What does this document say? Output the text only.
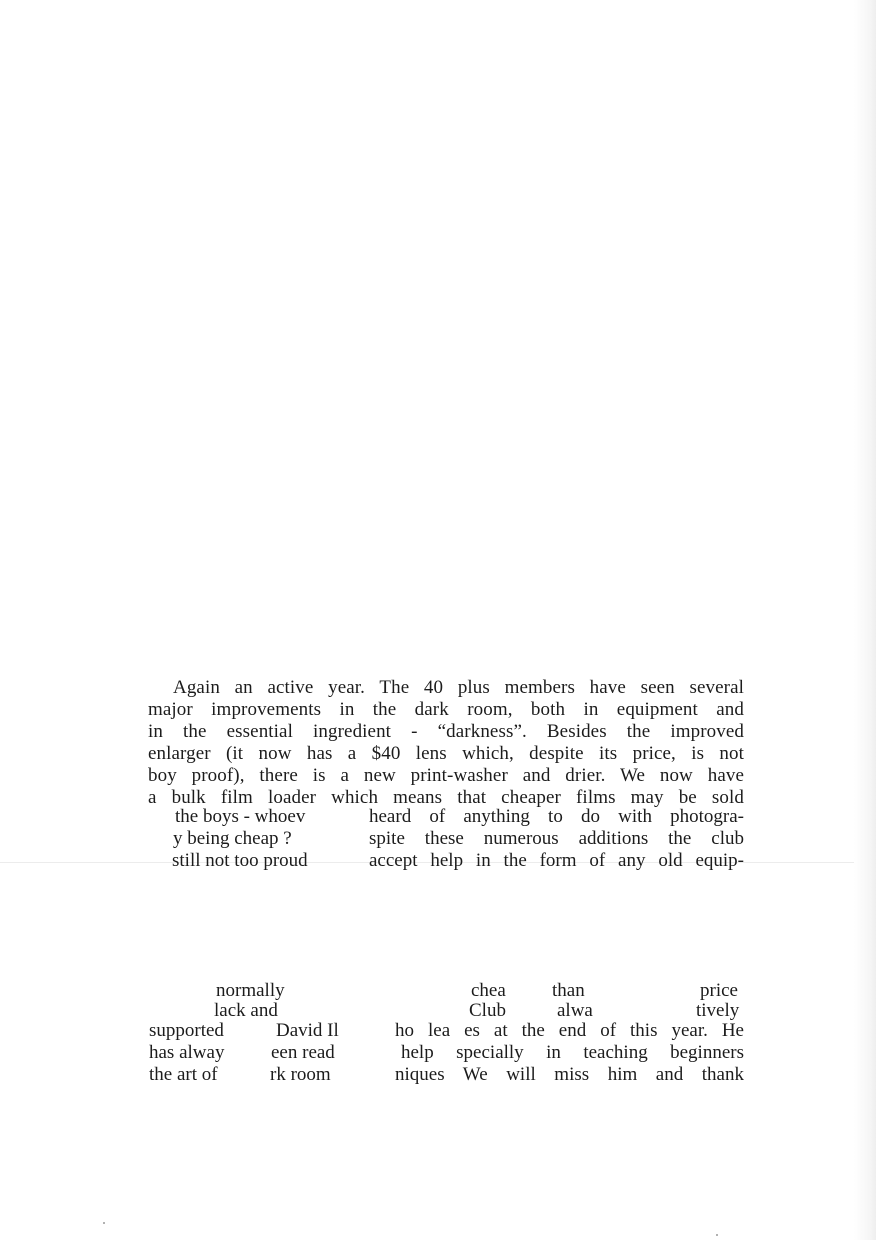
Again an active year. The 40 plus members have seen several
major improvements in the dark room, both in equipment and
in the essential ingredient - “darkness”. Besides the improved
enlarger (it now has a $40 lens which, despite its price, is not
boy proof), there is a new print-washer and drier. We now have
a bulk film loader which means that cheaper films may be sold
the boys - whoev	heard of anything to do with photogra-
y being cheap ?	spite these numerous additions the club
still not too proud	accept help in the form of any old equip-
normally	chea than	price
lack and	Club	alwa	tively
supported	David Il	ho lea es at the end of this year. He
has alway een read	help specially in teaching beginners
the art of	rk room	niques We will miss him and thank
